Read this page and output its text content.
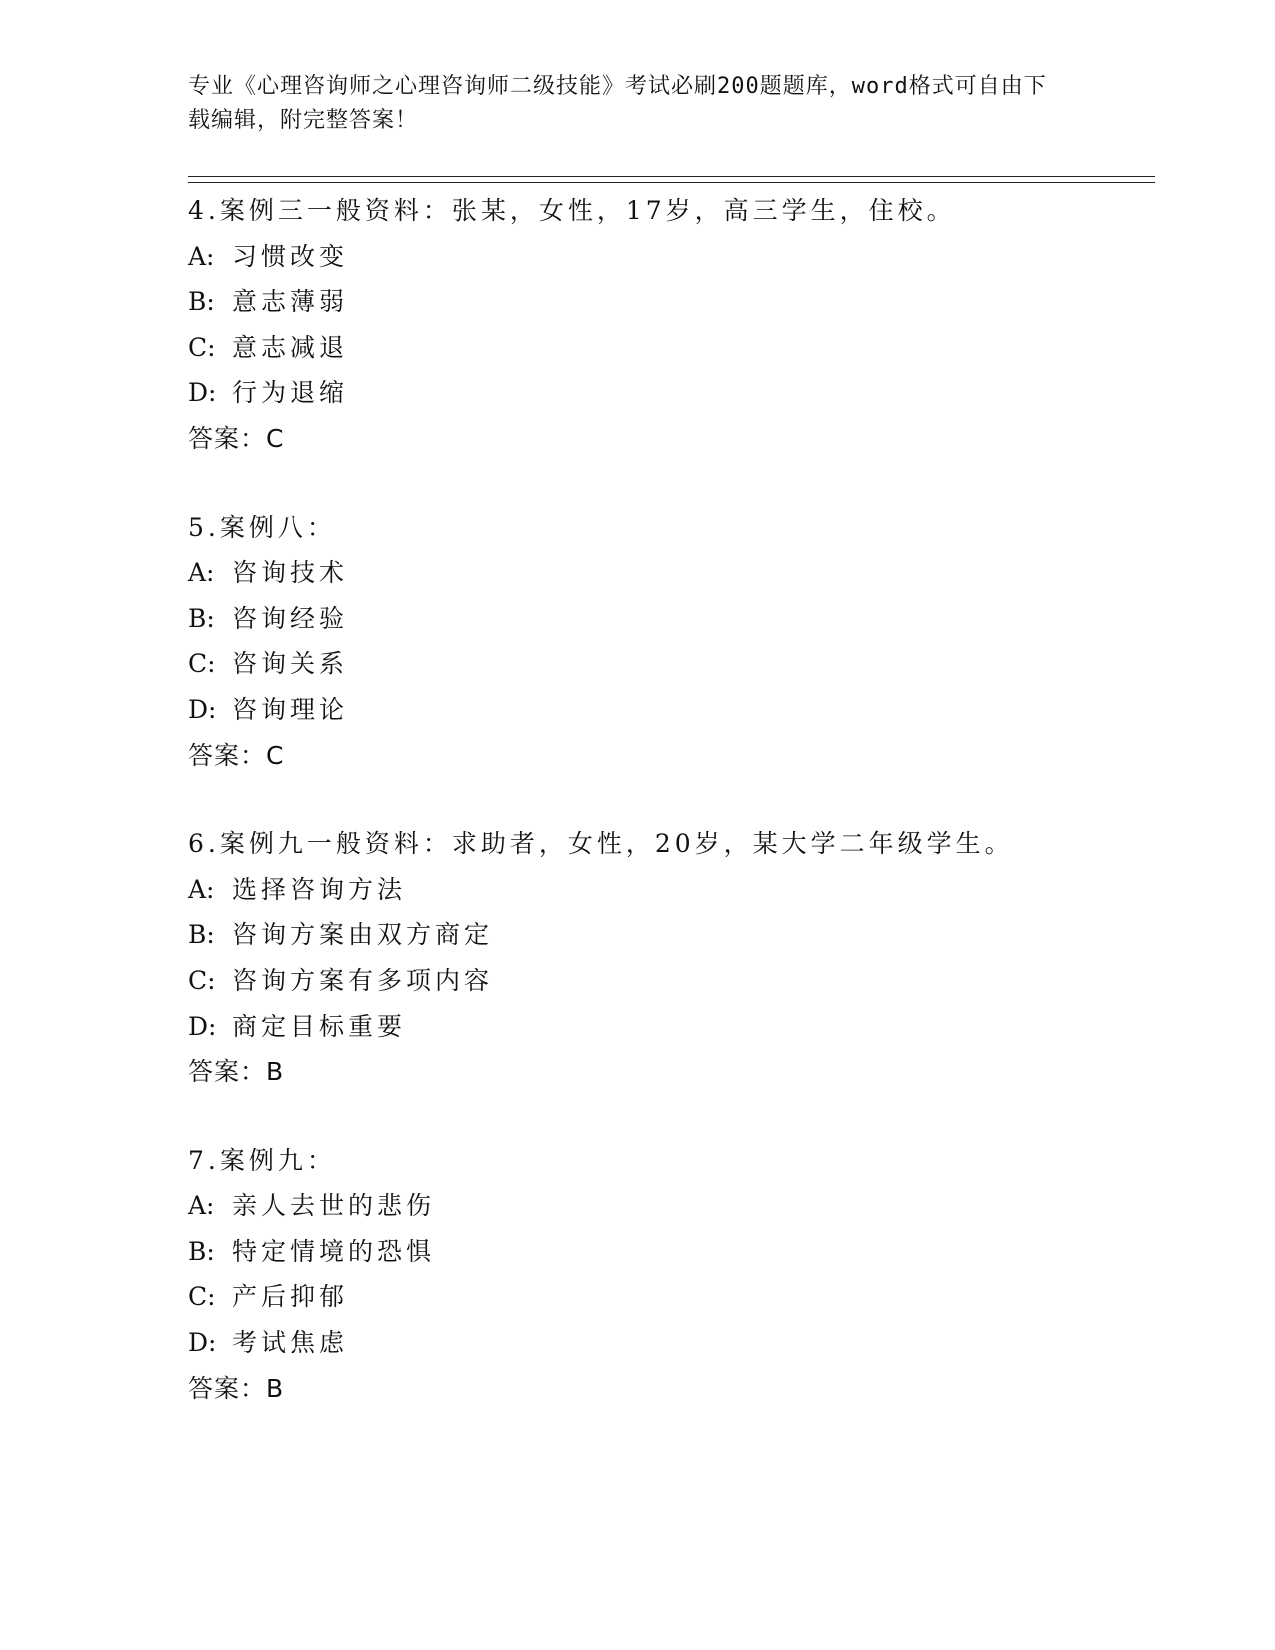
专业《心理咨询师之心理咨询师二级技能》考试必刷200题题库，word格式可自由下载编辑，附完整答案！
4.案例三一般资料：张某，女性，17岁，高三学生，住校。
A: 习惯改变
B: 意志薄弱
C: 意志减退
D: 行为退缩
答案：C
5.案例八：
A: 咨询技术
B: 咨询经验
C: 咨询关系
D: 咨询理论
答案：C
6.案例九一般资料：求助者，女性，20岁，某大学二年级学生。
A: 选择咨询方法
B: 咨询方案由双方商定
C: 咨询方案有多项内容
D: 商定目标重要
答案：B
7.案例九：
A: 亲人去世的悲伤
B: 特定情境的恐惧
C: 产后抑郁
D: 考试焦虑
答案：B
